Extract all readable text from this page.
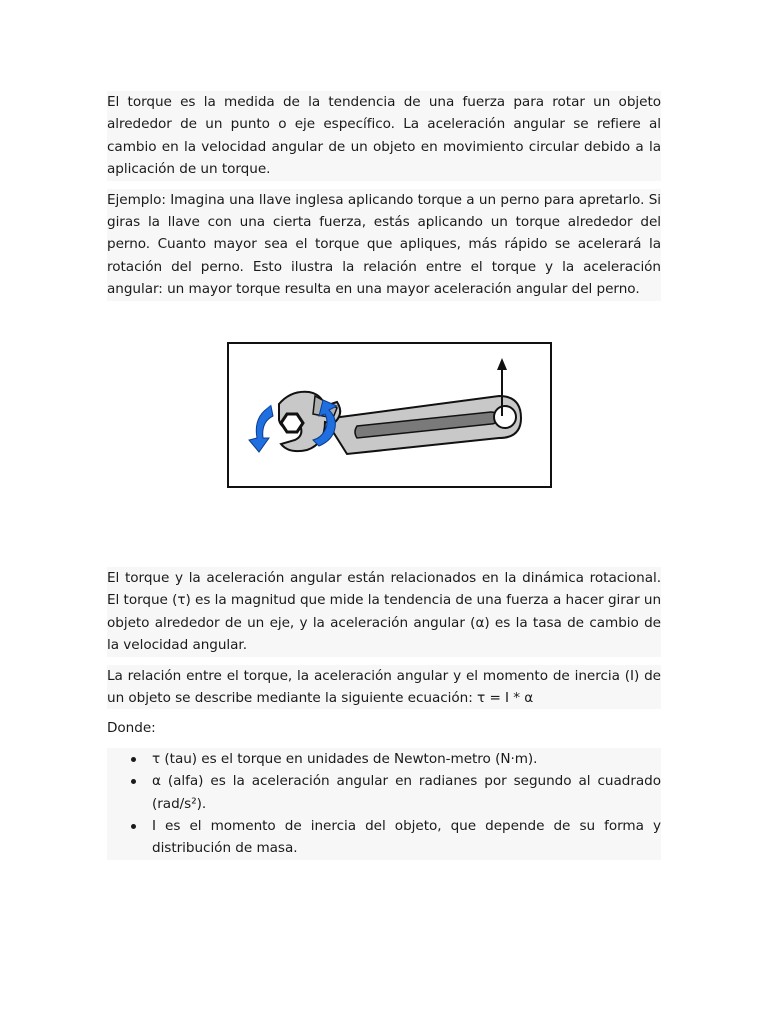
El torque es la medida de la tendencia de una fuerza para rotar un objeto alrededor de un punto o eje específico. La aceleración angular se refiere al cambio en la velocidad angular de un objeto en movimiento circular debido a la aplicación de un torque.

Ejemplo: Imagina una llave inglesa aplicando torque a un perno para apretarlo. Si giras la llave con una cierta fuerza, estás aplicando un torque alrededor del perno. Cuanto mayor sea el torque que apliques, más rápido se acelerará la rotación del perno. Esto ilustra la relación entre el torque y la aceleración angular: un mayor torque resulta en una mayor aceleración angular del perno.

El torque y la aceleración angular están relacionados en la dinámica rotacional. El torque (τ) es la magnitud que mide la tendencia de una fuerza a hacer girar un objeto alrededor de un eje, y la aceleración angular (α) es la tasa de cambio de la velocidad angular.

La relación entre el torque, la aceleración angular y el momento de inercia (I) de un objeto se describe mediante la siguiente ecuación: τ = I * α

Donde:

τ (tau) es el torque en unidades de Newton-metro (N·m).
α (alfa) es la aceleración angular en radianes por segundo al cuadrado (rad/s²).
I es el momento de inercia del objeto, que depende de su forma y distribución de masa.
